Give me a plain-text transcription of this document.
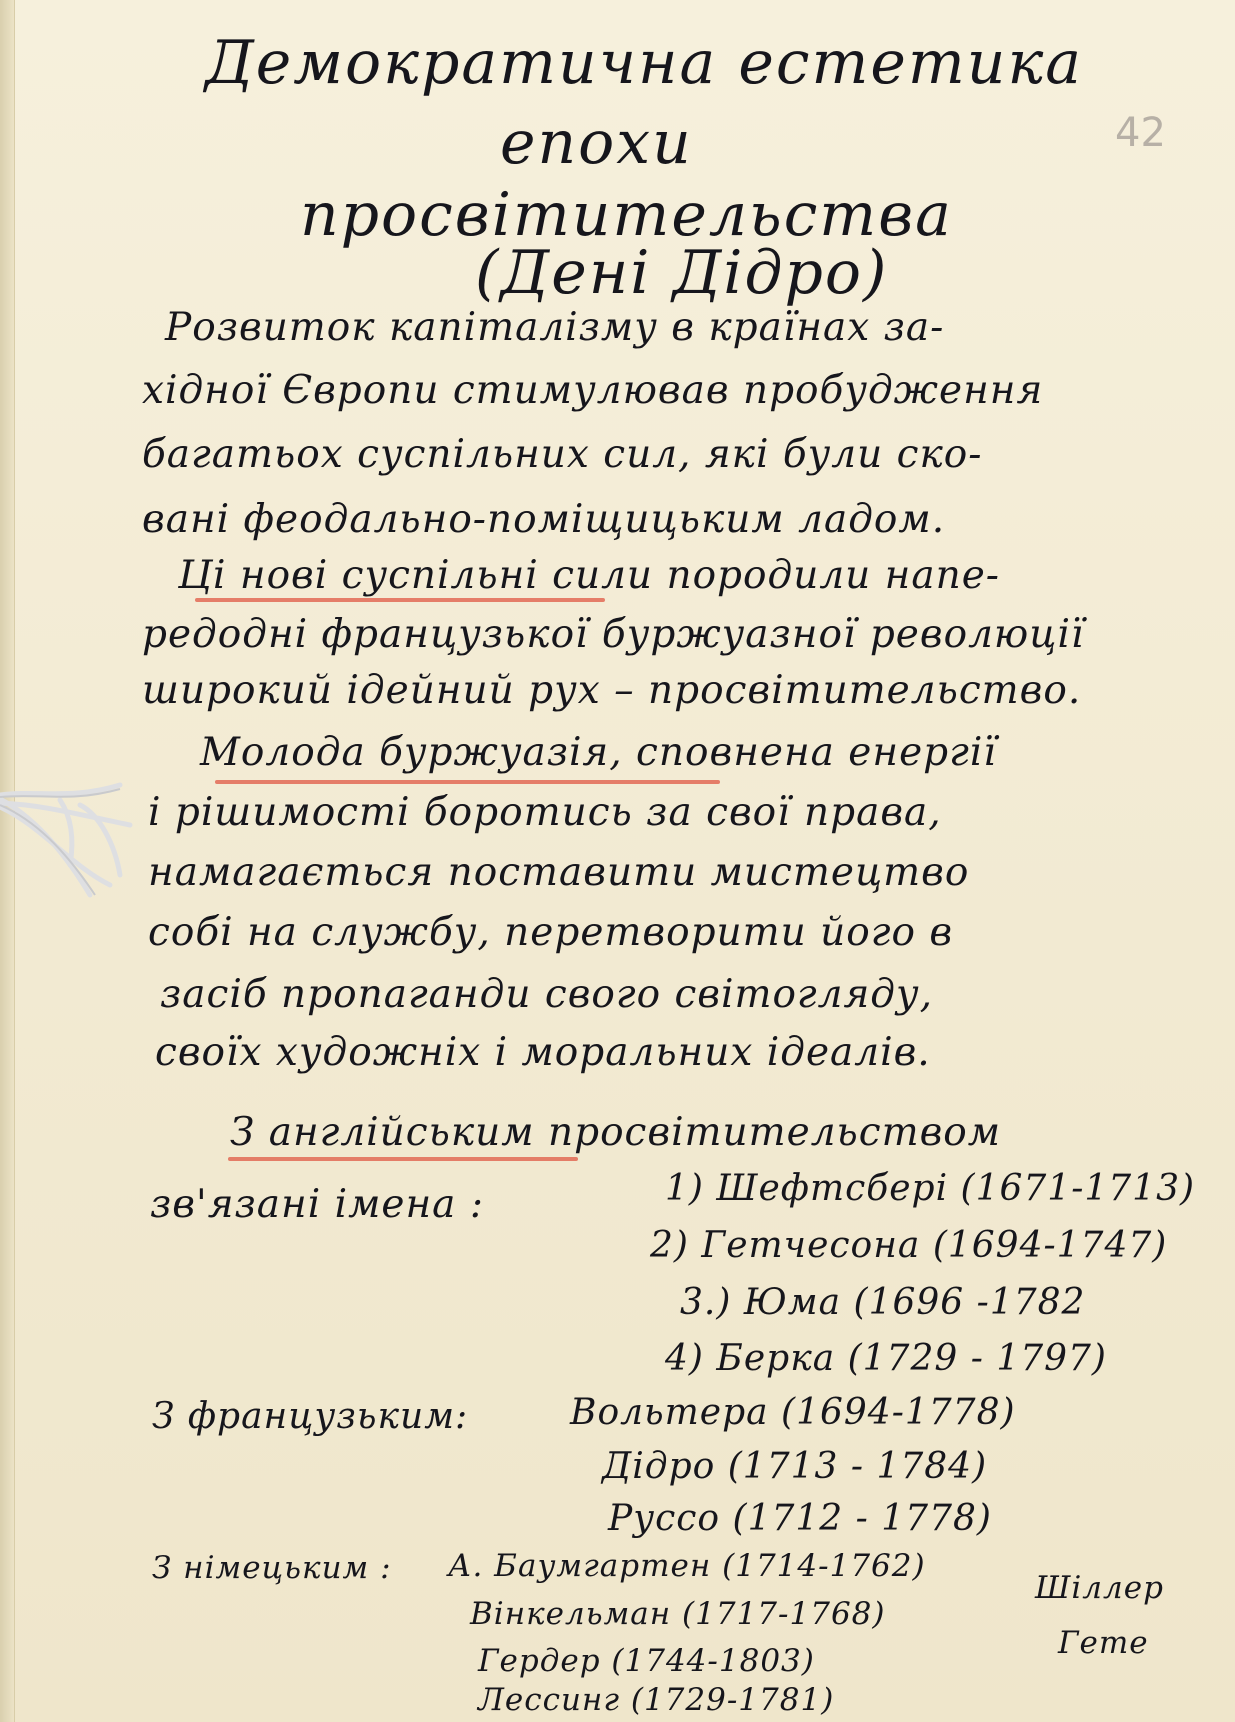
42
Демократична естетика
епохи
просвітительства
(Дені Дідро)
Розвиток капіталізму в країнах за-
хідної Європи стимулював пробудження
багатьох суспільних сил, які були ско-
вані феодально-поміщицьким ладом.
Ці нові суспільні сили породили напе-
редодні французької буржуазної революції
широкий ідейний рух – просвітительство.
Молода буржуазія, сповнена енергії
і рішимості боротись за свої права,
намагається поставити мистецтво
собі на службу, перетворити його в
засіб пропаганди свого світогляду,
своїх художніх і моральних ідеалів.
З англійським просвітительством
зв'язані імена :	1) Шефтсбері (1671-1713)
2) Гетчесона (1694-1747)
3.) Юма (1696 -1782
4) Берка (1729 - 1797)
З французьким:	Вольтера (1694-1778)
Дідро (1713 - 1784)
Руссо (1712 - 1778)
З німецьким : А. Баумгартен (1714-1762)
Вінкельман (1717-1768)
Гердер (1744-1803)
Лессинг (1729-1781)
Шіллер
Гете
